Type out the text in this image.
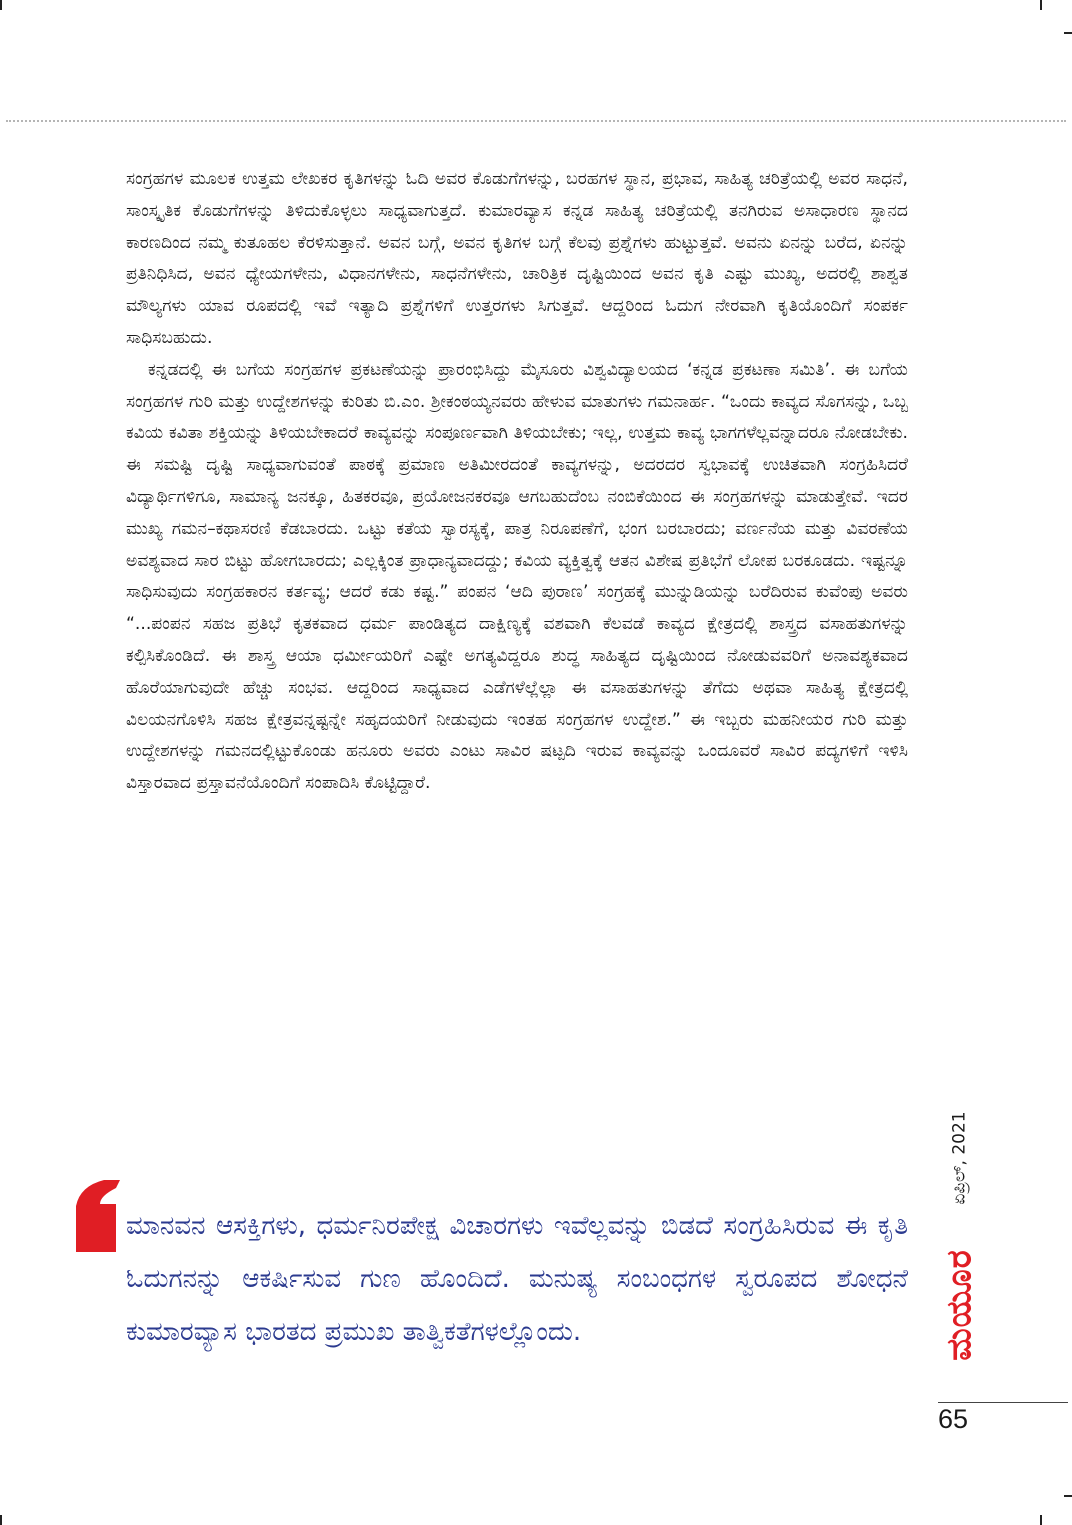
ಸಂಗ್ರಹಗಳ ಮೂಲಕ ಉತ್ತಮ ಲೇಖಕರ ಕೃತಿಗಳನ್ನು ಓದಿ ಅವರ ಕೊಡುಗೆಗಳನ್ನು, ಬರಹಗಳ ಸ್ಥಾನ, ಪ್ರಭಾವ, ಸಾಹಿತ್ಯ ಚರಿತ್ರೆಯಲ್ಲಿ ಅವರ ಸಾಧನೆ, ಸಾಂಸ್ಕೃತಿಕ ಕೊಡುಗೆಗಳನ್ನು ತಿಳಿದುಕೊಳ್ಳಲು ಸಾಧ್ಯವಾಗುತ್ತದೆ. ಕುಮಾರವ್ಯಾಸ ಕನ್ನಡ ಸಾಹಿತ್ಯ ಚರಿತ್ರೆಯಲ್ಲಿ ತನಗಿರುವ ಅಸಾಧಾರಣ ಸ್ಥಾನದ ಕಾರಣದಿಂದ ನಮ್ಮ ಕುತೂಹಲ ಕೆರಳಿಸುತ್ತಾನೆ. ಅವನ ಬಗ್ಗೆ, ಅವನ ಕೃತಿಗಳ ಬಗ್ಗೆ ಕೆಲವು ಪ್ರಶ್ನೆಗಳು ಹುಟ್ಟುತ್ತವೆ. ಅವನು ಏನನ್ನು ಬರೆದ, ಏನನ್ನು ಪ್ರತಿನಿಧಿಸಿದ, ಅವನ ಧ್ಯೇಯಗಳೇನು, ವಿಧಾನಗಳೇನು, ಸಾಧನೆಗಳೇನು, ಚಾರಿತ್ರಿಕ ದೃಷ್ಟಿಯಿಂದ ಅವನ ಕೃತಿ ಎಷ್ಟು ಮುಖ್ಯ, ಅದರಲ್ಲಿ ಶಾಶ್ವತ ಮೌಲ್ಯಗಳು ಯಾವ ರೂಪದಲ್ಲಿ ಇವೆ ಇತ್ಯಾದಿ ಪ್ರಶ್ನೆಗಳಿಗೆ ಉತ್ತರಗಳು ಸಿಗುತ್ತವೆ. ಆದ್ದರಿಂದ ಓದುಗ ನೇರವಾಗಿ ಕೃತಿಯೊಂದಿಗೆ ಸಂಪರ್ಕ ಸಾಧಿಸಬಹುದು.

ಕನ್ನಡದಲ್ಲಿ ಈ ಬಗೆಯ ಸಂಗ್ರಹಗಳ ಪ್ರಕಟಣೆಯನ್ನು ಪ್ರಾರಂಭಿಸಿದ್ದು ಮೈಸೂರು ವಿಶ್ವವಿದ್ಯಾಲಯದ ‘ಕನ್ನಡ ಪ್ರಕಟಣಾ ಸಮಿತಿ’. ಈ ಬಗೆಯ ಸಂಗ್ರಹಗಳ ಗುರಿ ಮತ್ತು ಉದ್ದೇಶಗಳನ್ನು ಕುರಿತು ಬಿ.ಎಂ. ಶ್ರೀಕಂಠಯ್ಯನವರು ಹೇಳುವ ಮಾತುಗಳು ಗಮನಾರ್ಹ. “ಒಂದು ಕಾವ್ಯದ ಸೊಗಸನ್ನು, ಒಬ್ಬ ಕವಿಯ ಕವಿತಾ ಶಕ್ತಿಯನ್ನು ತಿಳಿಯಬೇಕಾದರೆ ಕಾವ್ಯವನ್ನು ಸಂಪೂರ್ಣವಾಗಿ ತಿಳಿಯಬೇಕು; ಇಲ್ಲ, ಉತ್ತಮ ಕಾವ್ಯ ಭಾಗಗಳೆಲ್ಲವನ್ನಾದರೂ ನೋಡಬೇಕು. ಈ ಸಮಷ್ಟಿ ದೃಷ್ಟಿ ಸಾಧ್ಯವಾಗುವಂತೆ ಪಾಠಕ್ಕೆ ಪ್ರಮಾಣ ಅತಿಮೀರದಂತೆ ಕಾವ್ಯಗಳನ್ನು, ಅದರದರ ಸ್ವಭಾವಕ್ಕೆ ಉಚಿತವಾಗಿ ಸಂಗ್ರಹಿಸಿದರೆ ವಿದ್ಯಾರ್ಥಿಗಳಿಗೂ, ಸಾಮಾನ್ಯ ಜನಕ್ಕೂ, ಹಿತಕರವೂ, ಪ್ರಯೋಜನಕರವೂ ಆಗಬಹುದೆಂಬ ನಂಬಿಕೆಯಿಂದ ಈ ಸಂಗ್ರಹಗಳನ್ನು ಮಾಡುತ್ತೇವೆ. ಇದರ ಮುಖ್ಯ ಗಮನ–ಕಥಾಸರಣಿ ಕೆಡಬಾರದು. ಒಟ್ಟು ಕತೆಯ ಸ್ವಾರಸ್ಯಕ್ಕೆ, ಪಾತ್ರ ನಿರೂಪಣೆಗೆ, ಭಂಗ ಬರಬಾರದು; ವರ್ಣನೆಯ ಮತ್ತು ವಿವರಣೆಯ ಅವಶ್ಯವಾದ ಸಾರ ಬಿಟ್ಟು ಹೋಗಬಾರದು; ಎಲ್ಲಕ್ಕಿಂತ ಪ್ರಾಧಾನ್ಯವಾದದ್ದು; ಕವಿಯ ವ್ಯಕ್ತಿತ್ವಕ್ಕೆ ಆತನ ವಿಶೇಷ ಪ್ರತಿಭೆಗೆ ಲೋಪ ಬರಕೂಡದು. ಇಷ್ಟನ್ನೂ ಸಾಧಿಸುವುದು ಸಂಗ್ರಹಕಾರನ ಕರ್ತವ್ಯ; ಆದರೆ ಕಡು ಕಷ್ಟ.” ಪಂಪನ ‘ಆದಿ ಪುರಾಣ’ ಸಂಗ್ರಹಕ್ಕೆ ಮುನ್ನುಡಿಯನ್ನು ಬರೆದಿರುವ ಕುವೆಂಪು ಅವರು “...ಪಂಪನ ಸಹಜ ಪ್ರತಿಭೆ ಕೃತಕವಾದ ಧರ್ಮ ಪಾಂಡಿತ್ಯದ ದಾಕ್ಷಿಣ್ಯಕ್ಕೆ ವಶವಾಗಿ ಕೆಲವಡೆ ಕಾವ್ಯದ ಕ್ಷೇತ್ರದಲ್ಲಿ ಶಾಸ್ತ್ರದ ವಸಾಹತುಗಳನ್ನು ಕಲ್ಪಿಸಿಕೊಂಡಿದೆ. ಈ ಶಾಸ್ತ್ರ ಆಯಾ ಧರ್ಮೀಯರಿಗೆ ಎಷ್ಟೇ ಅಗತ್ಯವಿದ್ದರೂ ಶುದ್ಧ ಸಾಹಿತ್ಯದ ದೃಷ್ಟಿಯಿಂದ ನೋಡುವವರಿಗೆ ಅನಾವಶ್ಯಕವಾದ ಹೊರೆಯಾಗುವುದೇ ಹೆಚ್ಚು ಸಂಭವ. ಆದ್ದರಿಂದ ಸಾಧ್ಯವಾದ ಎಡೆಗಳೆಲ್ಲೆಲ್ಲಾ ಈ ವಸಾಹತುಗಳನ್ನು ತೆಗೆದು ಅಥವಾ ಸಾಹಿತ್ಯ ಕ್ಷೇತ್ರದಲ್ಲಿ ವಿಲಯನಗೊಳಿಸಿ ಸಹಜ ಕ್ಷೇತ್ರವನ್ನಷ್ಟನ್ನೇ ಸಹೃದಯರಿಗೆ ನೀಡುವುದು ಇಂತಹ ಸಂಗ್ರಹಗಳ ಉದ್ದೇಶ.” ಈ ಇಬ್ಬರು ಮಹನೀಯರ ಗುರಿ ಮತ್ತು ಉದ್ದೇಶಗಳನ್ನು ಗಮನದಲ್ಲಿಟ್ಟುಕೊಂಡು ಹನೂರು ಅವರು ಎಂಟು ಸಾವಿರ ಷಟ್ಪದಿ ಇರುವ ಕಾವ್ಯವನ್ನು ಒಂದೂವರೆ ಸಾವಿರ ಪದ್ಯಗಳಿಗೆ ಇಳಿಸಿ ವಿಸ್ತಾರವಾದ ಪ್ರಸ್ತಾವನೆಯೊಂದಿಗೆ ಸಂಪಾದಿಸಿ ಕೊಟ್ಟಿದ್ದಾರೆ.

ಮಾನವನ ಆಸಕ್ತಿಗಳು, ಧರ್ಮನಿರಪೇಕ್ಷ ವಿಚಾರಗಳು ಇವೆಲ್ಲವನ್ನು ಬಿಡದೆ ಸಂಗ್ರಹಿಸಿರುವ ಈ ಕೃತಿ ಓದುಗನನ್ನು ಆಕರ್ಷಿಸುವ ಗುಣ ಹೊಂದಿದೆ. ಮನುಷ್ಯ ಸಂಬಂಧಗಳ ಸ್ವರೂಪದ ಶೋಧನೆ ಕುಮಾರವ್ಯಾಸ ಭಾರತದ ಪ್ರಮುಖ ತಾತ್ವಿಕತೆಗಳಲ್ಲೊಂದು.

ಏಪ್ರಿಲ್, 2021
ಮಯೂರ
65
